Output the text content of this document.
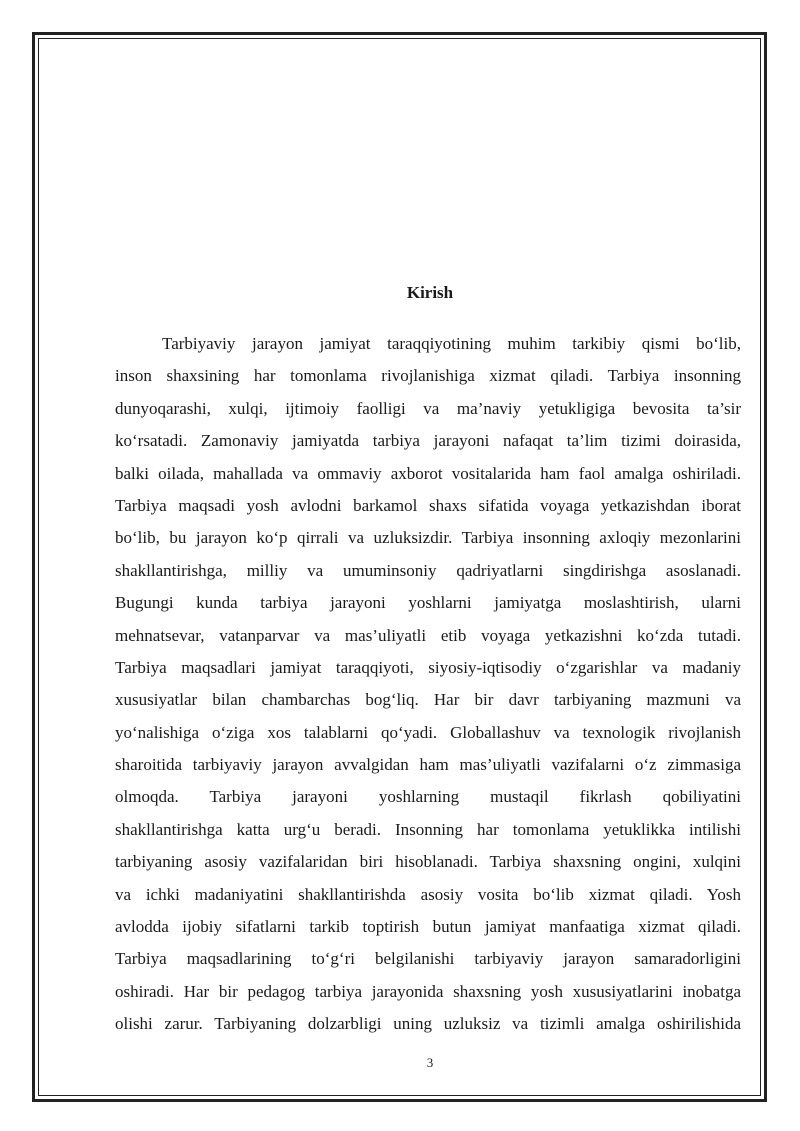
Kirish
Tarbiyaviy jarayon jamiyat taraqqiyotining muhim tarkibiy qismi bo‘lib,
inson shaxsining har tomonlama rivojlanishiga xizmat qiladi. Tarbiya insonning
dunyoqarashi, xulqi, ijtimoiy faolligi va ma’naviy yetukligiga bevosita ta’sir
ko‘rsatadi. Zamonaviy jamiyatda tarbiya jarayoni nafaqat ta’lim tizimi doirasida,
balki oilada, mahallada va ommaviy axborot vositalarida ham faol amalga oshiriladi.
Tarbiya maqsadi yosh avlodni barkamol shaxs sifatida voyaga yetkazishdan iborat
bo‘lib, bu jarayon ko‘p qirrali va uzluksizdir. Tarbiya insonning axloqiy mezonlarini
shakllantirishga, milliy va umuminsoniy qadriyatlarni singdirishga asoslanadi.
Bugungi kunda tarbiya jarayoni yoshlarni jamiyatga moslashtirish, ularni
mehnatsevar, vatanparvar va mas’uliyatli etib voyaga yetkazishni ko‘zda tutadi.
Tarbiya maqsadlari jamiyat taraqqiyoti, siyosiy-iqtisodiy o‘zgarishlar va madaniy
xususiyatlar bilan chambarchas bog‘liq. Har bir davr tarbiyaning mazmuni va
yo‘nalishiga o‘ziga xos talablarni qo‘yadi. Globallashuv va texnologik rivojlanish
sharoitida tarbiyaviy jarayon avvalgidan ham mas’uliyatli vazifalarni o‘z zimmasiga
olmoqda. Tarbiya jarayoni yoshlarning mustaqil fikrlash qobiliyatini
shakllantirishga katta urg‘u beradi. Insonning har tomonlama yetuklikka intilishi
tarbiyaning asosiy vazifalaridan biri hisoblanadi. Tarbiya shaxsning ongini, xulqini
va ichki madaniyatini shakllantirishda asosiy vosita bo‘lib xizmat qiladi. Yosh
avlodda ijobiy sifatlarni tarkib toptirish butun jamiyat manfaatiga xizmat qiladi.
Tarbiya maqsadlarining to‘g‘ri belgilanishi tarbiyaviy jarayon samaradorligini
oshiradi. Har bir pedagog tarbiya jarayonida shaxsning yosh xususiyatlarini inobatga
olishi zarur. Tarbiyaning dolzarbligi uning uzluksiz va tizimli amalga oshirilishida
3
